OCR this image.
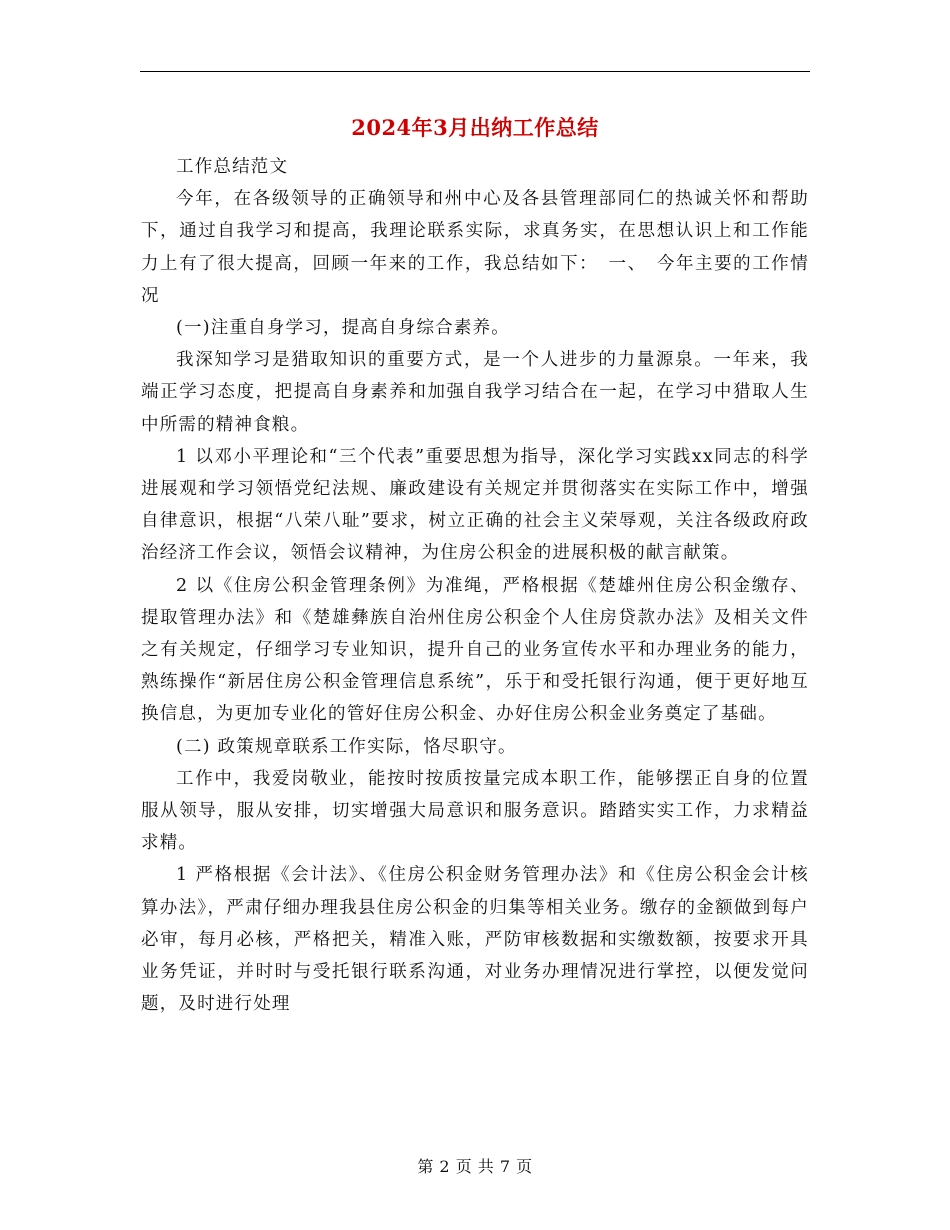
2024年3月出纳工作总结

工作总结范文

今年，在各级领导的正确领导和州中心及各县管理部同仁的热诚关怀和帮助下，通过自我学习和提高，我理论联系实际，求真务实，在思想认识上和工作能力上有了很大提高，回顾一年来的工作，我总结如下：　一、　今年主要的工作情况

(一)注重自身学习，提高自身综合素养。

我深知学习是猎取知识的重要方式，是一个人进步的力量源泉。一年来，我端正学习态度，把提高自身素养和加强自我学习结合在一起，在学习中猎取人生中所需的精神食粮。

1 以邓小平理论和“三个代表”重要思想为指导，深化学习实践xx同志的科学进展观和学习领悟党纪法规、廉政建设有关规定并贯彻落实在实际工作中，增强自律意识，根据“八荣八耻”要求，树立正确的社会主义荣辱观，关注各级政府政治经济工作会议，领悟会议精神，为住房公积金的进展积极的献言献策。

2 以《住房公积金管理条例》为准绳，严格根据《楚雄州住房公积金缴存、提取管理办法》和《楚雄彝族自治州住房公积金个人住房贷款办法》及相关文件之有关规定，仔细学习专业知识，提升自己的业务宣传水平和办理业务的能力，熟练操作“新居住房公积金管理信息系统”，乐于和受托银行沟通，便于更好地互换信息，为更加专业化的管好住房公积金、办好住房公积金业务奠定了基础。

(二) 政策规章联系工作实际，恪尽职守。

工作中，我爱岗敬业，能按时按质按量完成本职工作，能够摆正自身的位置服从领导，服从安排，切实增强大局意识和服务意识。踏踏实实工作，力求精益求精。

1 严格根据《会计法》、《住房公积金财务管理办法》和《住房公积金会计核算办法》，严肃仔细办理我县住房公积金的归集等相关业务。缴存的金额做到每户必审，每月必核，严格把关，精准入账，严防审核数据和实缴数额，按要求开具业务凭证，并时时与受托银行联系沟通，对业务办理情况进行掌控，以便发觉问题，及时进行处理

第 2 页 共 7 页
